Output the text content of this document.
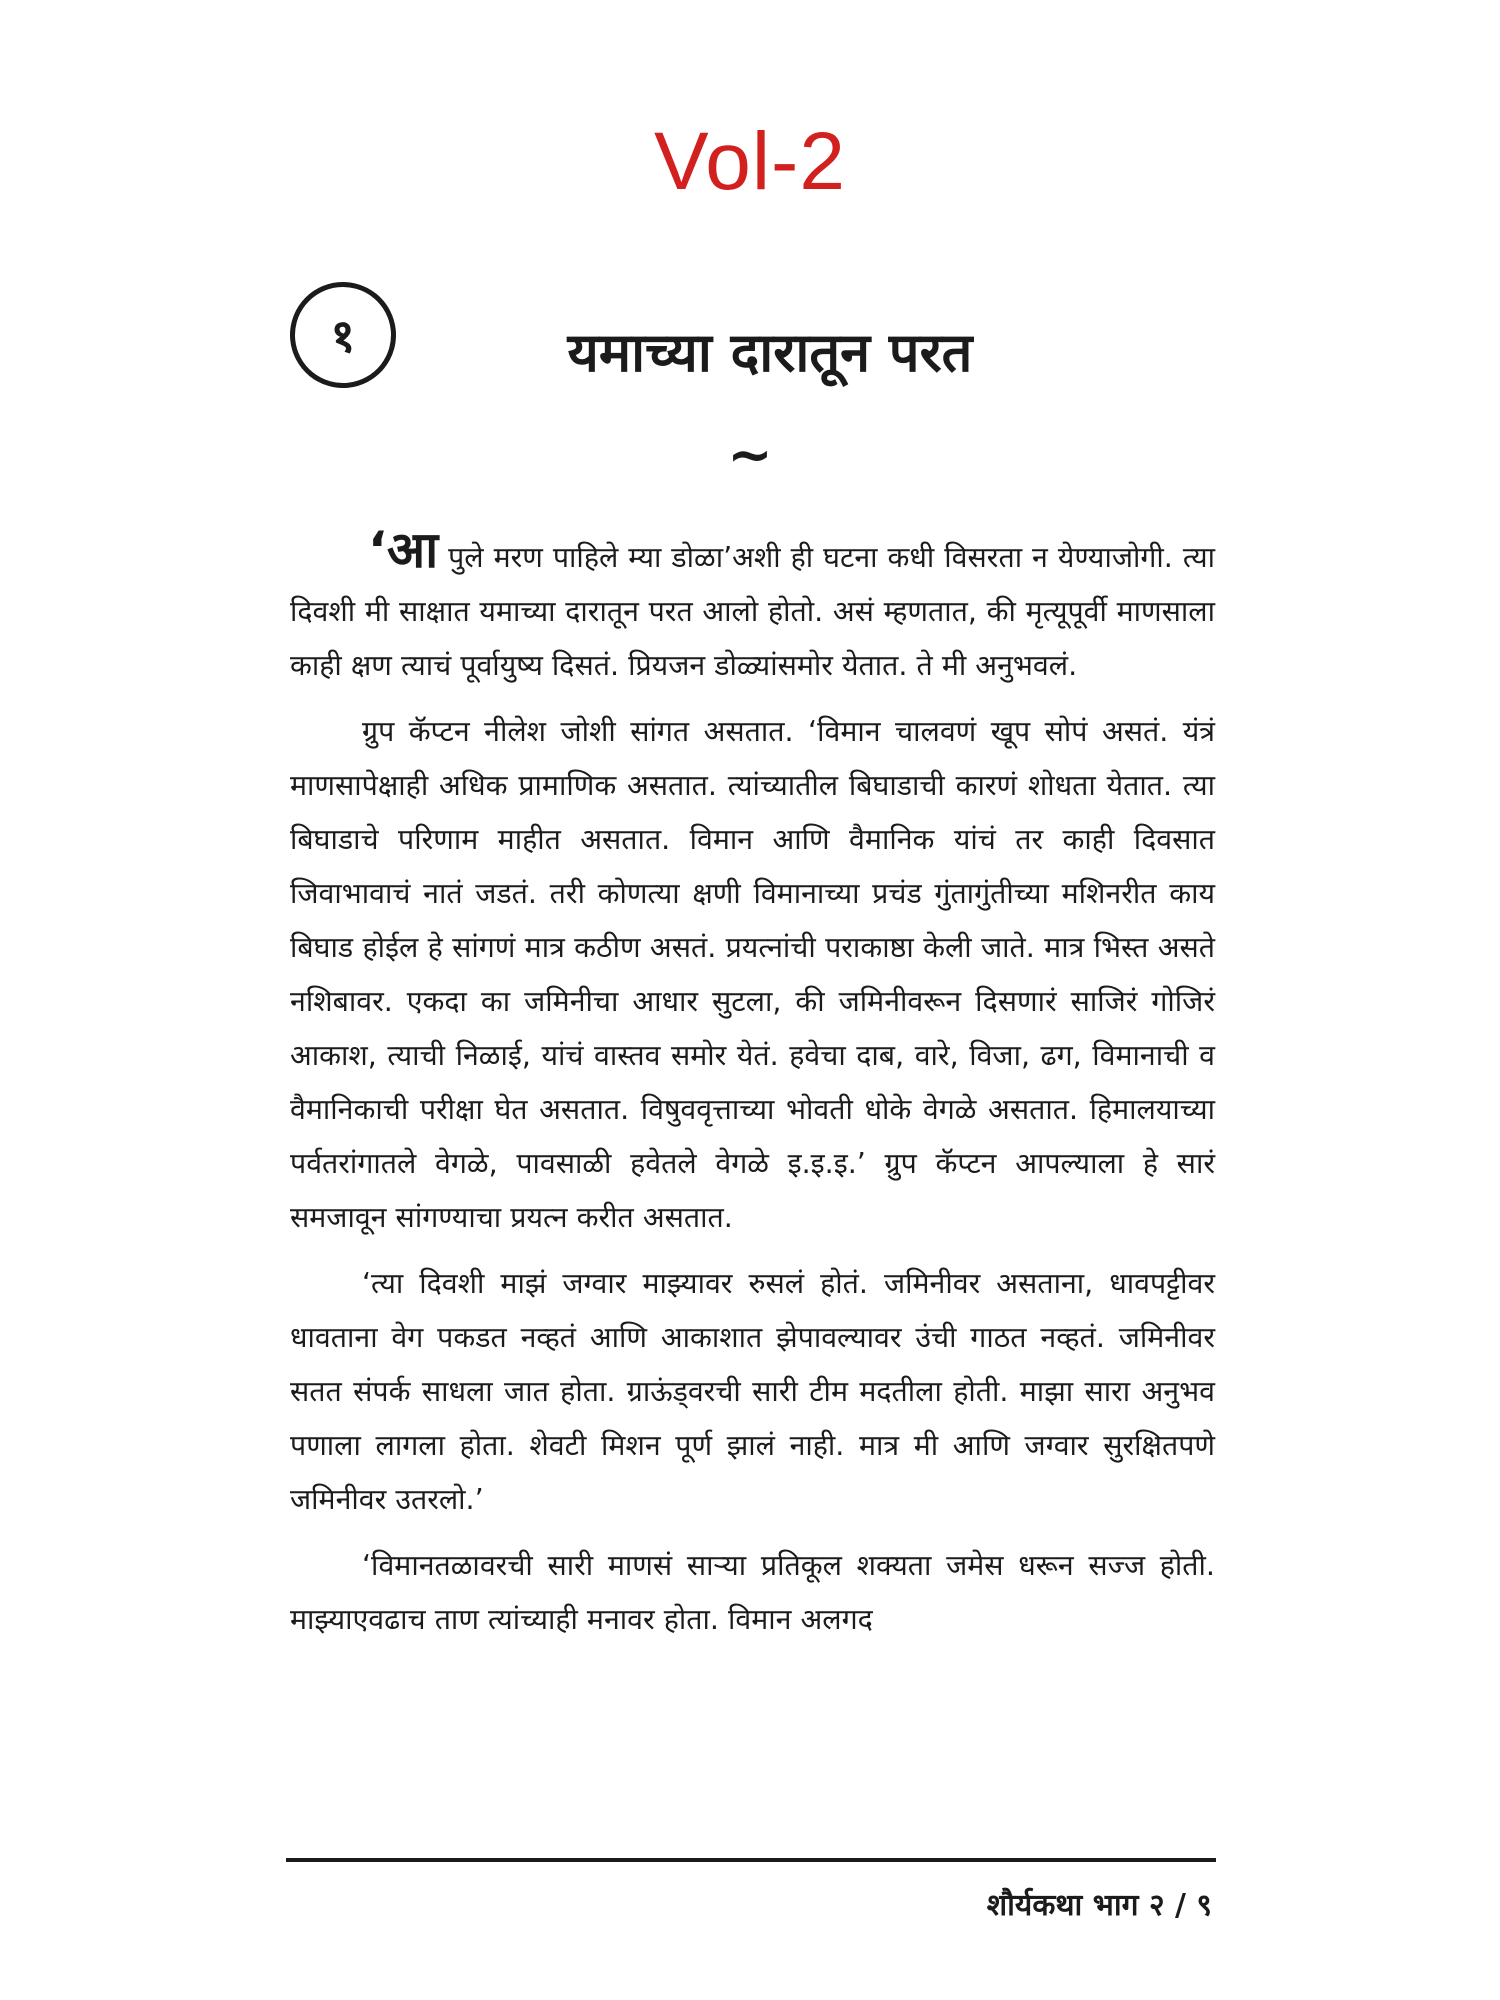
Vol-2
१	यमाच्या दारातून परत
~

‘आ पुले मरण पाहिले म्या डोळा’अशी ही घटना कधी विसरता न येण्याजोगी. त्या दिवशी मी साक्षात यमाच्या दारातून परत आलो होतो. असं म्हणतात, की मृत्यूपूर्वी माणसाला काही क्षण त्याचं पूर्वायुष्य दिसतं. प्रियजन डोळ्यांसमोर येतात. ते मी अनुभवलं.

ग्रुप कॅप्टन नीलेश जोशी सांगत असतात. ‘विमान चालवणं खूप सोपं असतं. यंत्रं माणसापेक्षाही अधिक प्रामाणिक असतात. त्यांच्यातील बिघाडाची कारणं शोधता येतात. त्या बिघाडाचे परिणाम माहीत असतात. विमान आणि वैमानिक यांचं तर काही दिवसात जिवाभावाचं नातं जडतं. तरी कोणत्या क्षणी विमानाच्या प्रचंड गुंतागुंतीच्या मशिनरीत काय बिघाड होईल हे सांगणं मात्र कठीण असतं. प्रयत्नांची पराकाष्ठा केली जाते. मात्र भिस्त असते नशिबावर. एकदा का जमिनीचा आधार सुटला, की जमिनीवरून दिसणारं साजिरं गोजिरं आकाश, त्याची निळाई, यांचं वास्तव समोर येतं. हवेचा दाब, वारे, विजा, ढग, विमानाची व वैमानिकाची परीक्षा घेत असतात. विषुववृत्ताच्या भोवती धोके वेगळे असतात. हिमालयाच्या पर्वतरांगातले वेगळे, पावसाळी हवेतले वेगळे इ.इ.इ.’ ग्रुप कॅप्टन आपल्याला हे सारं समजावून सांगण्याचा प्रयत्न करीत असतात.

‘त्या दिवशी माझं जग्वार माझ्यावर रुसलं होतं. जमिनीवर असताना, धावपट्टीवर धावताना वेग पकडत नव्हतं आणि आकाशात झेपावल्यावर उंची गाठत नव्हतं. जमिनीवर सतत संपर्क साधला जात होता. ग्राऊंड्वरची सारी टीम मदतीला होती. माझा सारा अनुभव पणाला लागला होता. शेवटी मिशन पूर्ण झालं नाही. मात्र मी आणि जग्वार सुरक्षितपणे जमिनीवर उतरलो.’

‘विमानतळावरची सारी माणसं साऱ्या प्रतिकूल शक्यता जमेस धरून सज्ज होती. माझ्याएवढाच ताण त्यांच्याही मनावर होता. विमान अलगद

शौर्यकथा भाग २ / ९
